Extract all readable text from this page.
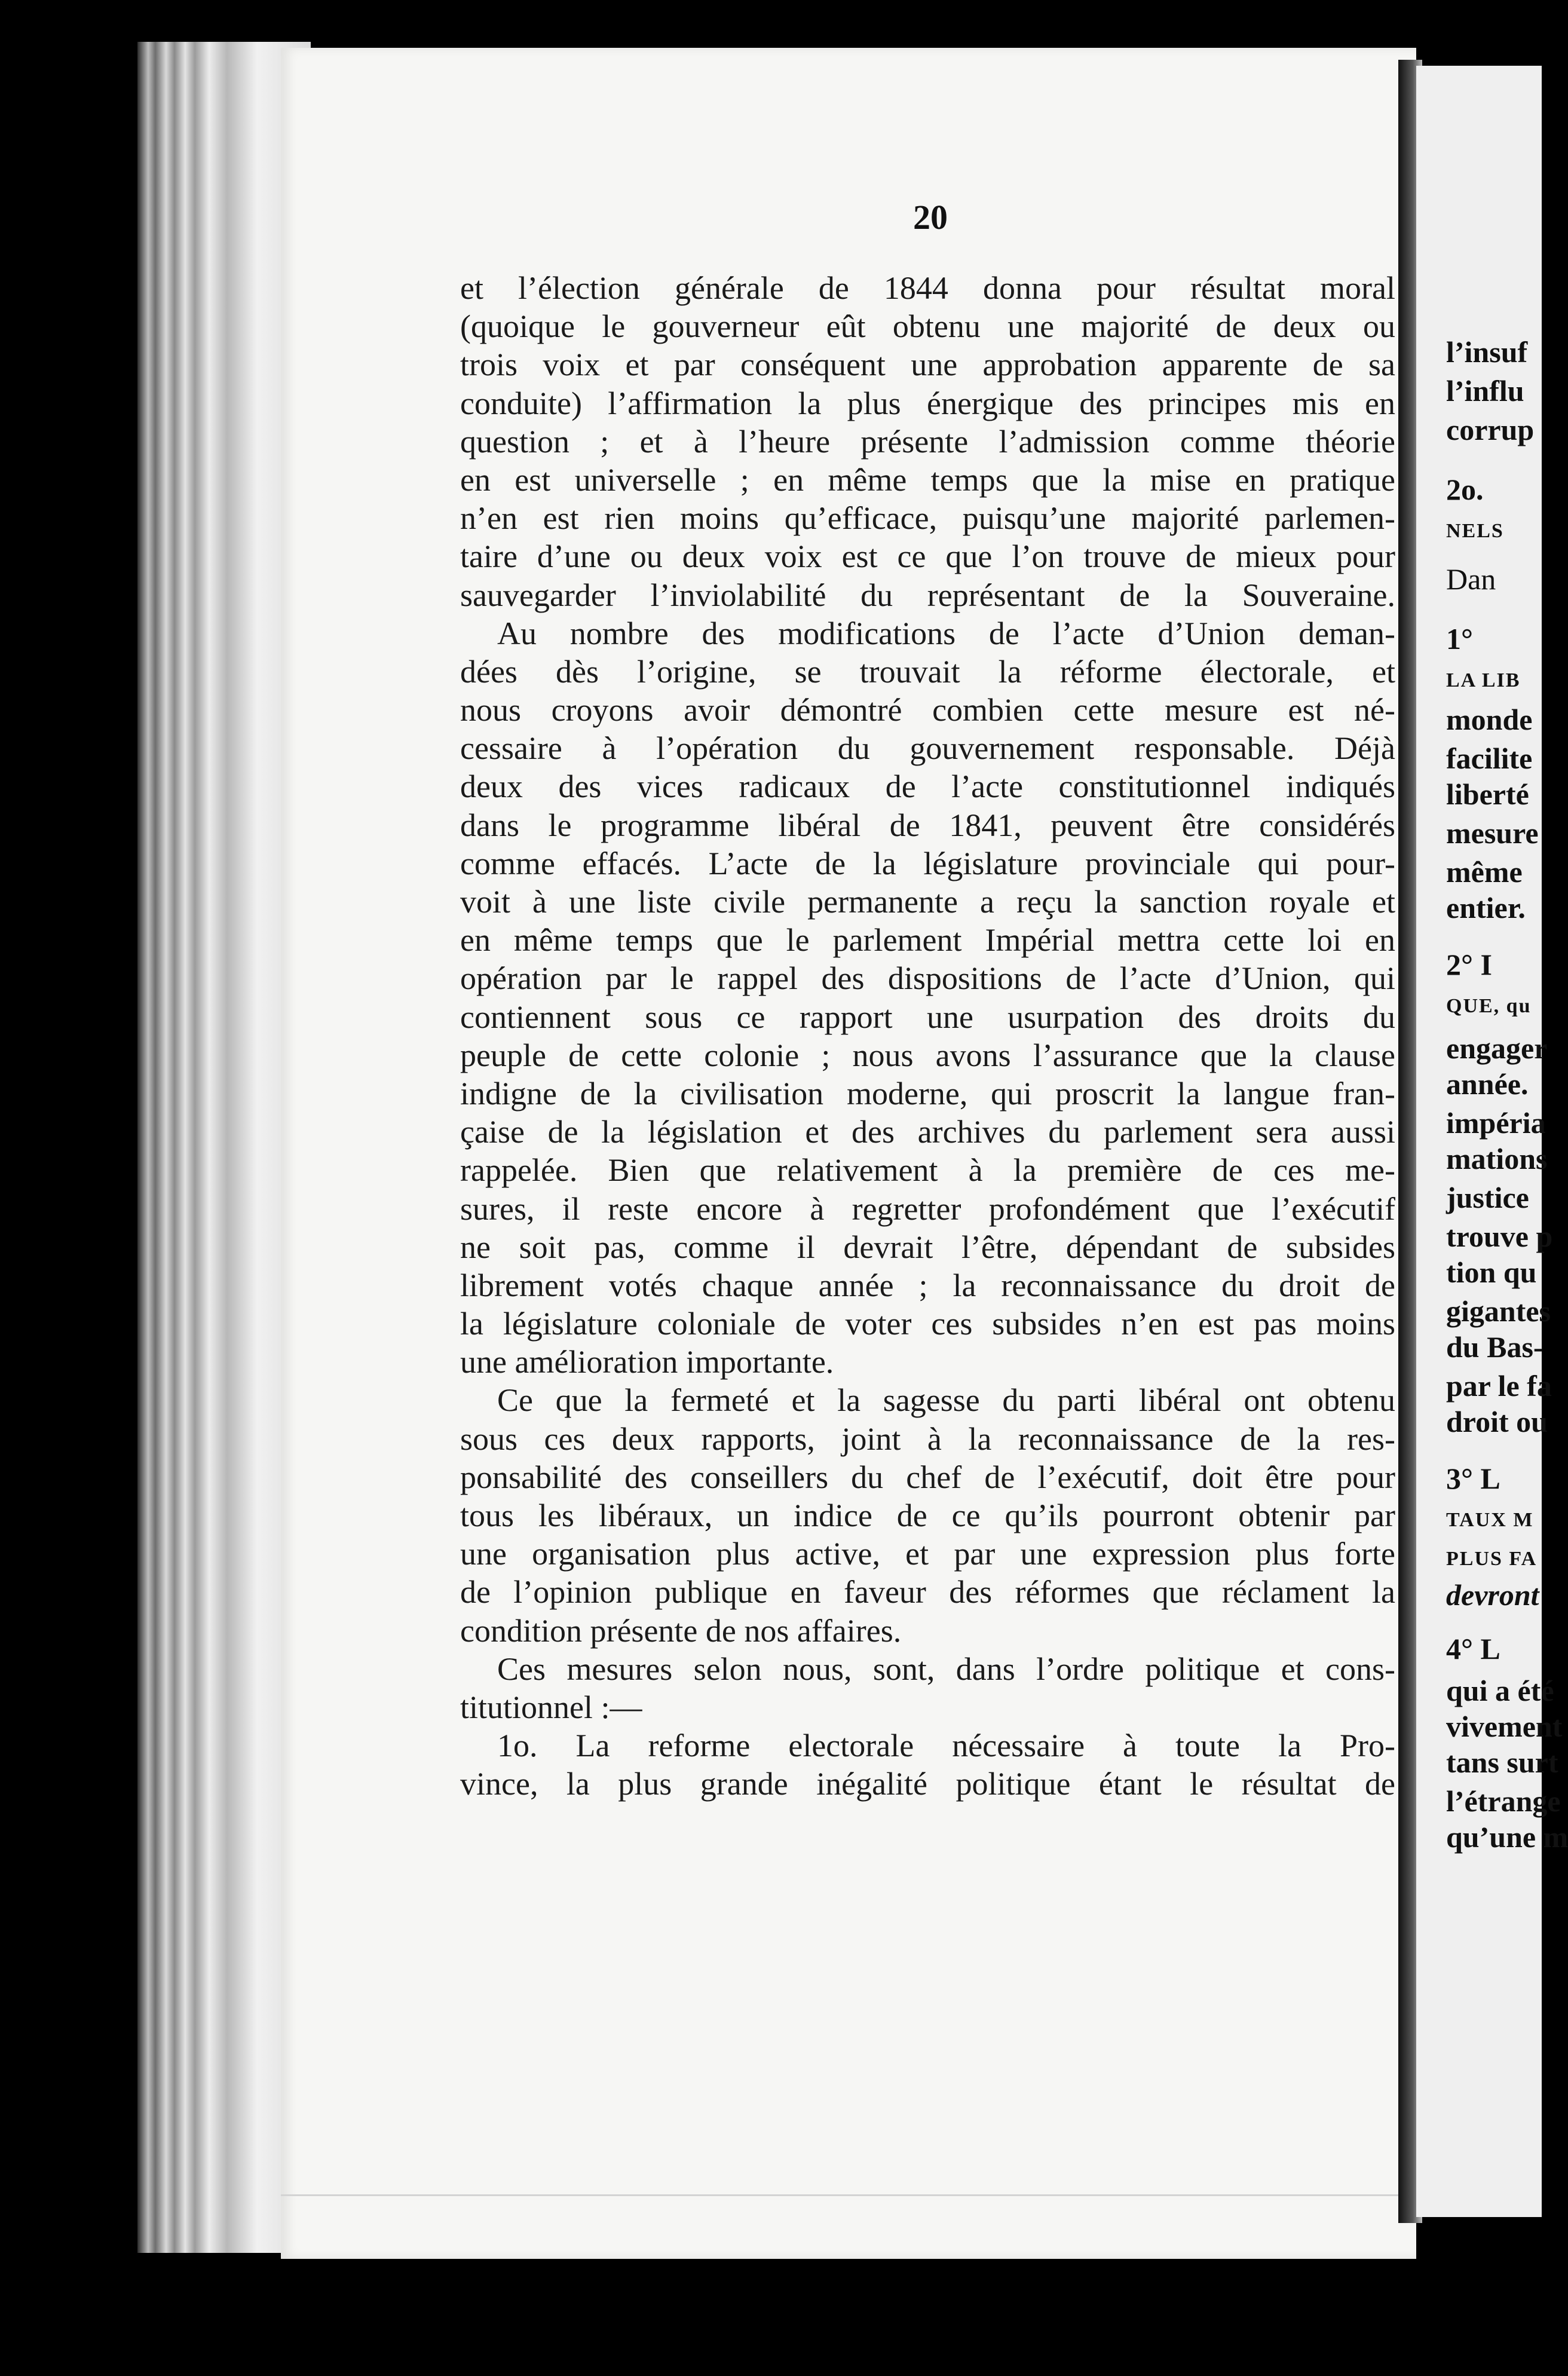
20
et l’élection générale de 1844 donna pour résultat moral
(quoique le gouverneur eût obtenu une majorité de deux ou
trois voix et par conséquent une approbation apparente de sa
conduite) l’affirmation la plus énergique des principes mis en
question ; et à l’heure présente l’admission comme théorie
en est universelle ; en même temps que la mise en pratique
n’en est rien moins qu’efficace, puisqu’une majorité parlemen-
taire d’une ou deux voix est ce que l’on trouve de mieux pour
sauvegarder l’inviolabilité du représentant de la Souveraine.
Au nombre des modifications de l’acte d’Union deman-
dées dès l’origine, se trouvait la réforme électorale, et
nous croyons avoir démontré combien cette mesure est né-
cessaire à l’opération du gouvernement responsable. Déjà
deux des vices radicaux de l’acte constitutionnel indiqués
dans le programme libéral de 1841, peuvent être considérés
comme effacés. L’acte de la législature provinciale qui pour-
voit à une liste civile permanente a reçu la sanction royale et
en même temps que le parlement Impérial mettra cette loi en
opération par le rappel des dispositions de l’acte d’Union, qui
contiennent sous ce rapport une usurpation des droits du
peuple de cette colonie ; nous avons l’assurance que la clause
indigne de la civilisation moderne, qui proscrit la langue fran-
çaise de la législation et des archives du parlement sera aussi
rappelée. Bien que relativement à la première de ces me-
sures, il reste encore à regretter profondément que l’exécutif
ne soit pas, comme il devrait l’être, dépendant de subsides
librement votés chaque année ; la reconnaissance du droit de
la législature coloniale de voter ces subsides n’en est pas moins
une amélioration importante.
Ce que la fermeté et la sagesse du parti libéral ont obtenu
sous ces deux rapports, joint à la reconnaissance de la res-
ponsabilité des conseillers du chef de l’exécutif, doit être pour
tous les libéraux, un indice de ce qu’ils pourront obtenir par
une organisation plus active, et par une expression plus forte
de l’opinion publique en faveur des réformes que réclament la
condition présente de nos affaires.
Ces mesures selon nous, sont, dans l’ordre politique et cons-
titutionnel :—
1o. La reforme electorale nécessaire à toute la Pro-
vince, la plus grande inégalité politique étant le résultat de
l’insuf
l’influ
corrup
2o.
NELS
Dan
1°
LA LIB
monde
facilite
liberté
mesure
même
entier.
2° I
QUE, qu
engager
année.
impéria
mations
justice
trouve p
tion qu
gigantes
du Bas-
par le fa
droit ou
3° L
TAUX M
PLUS FA
devront
4° L
qui a été
vivement
tans surt
l’étrange
qu’une m
